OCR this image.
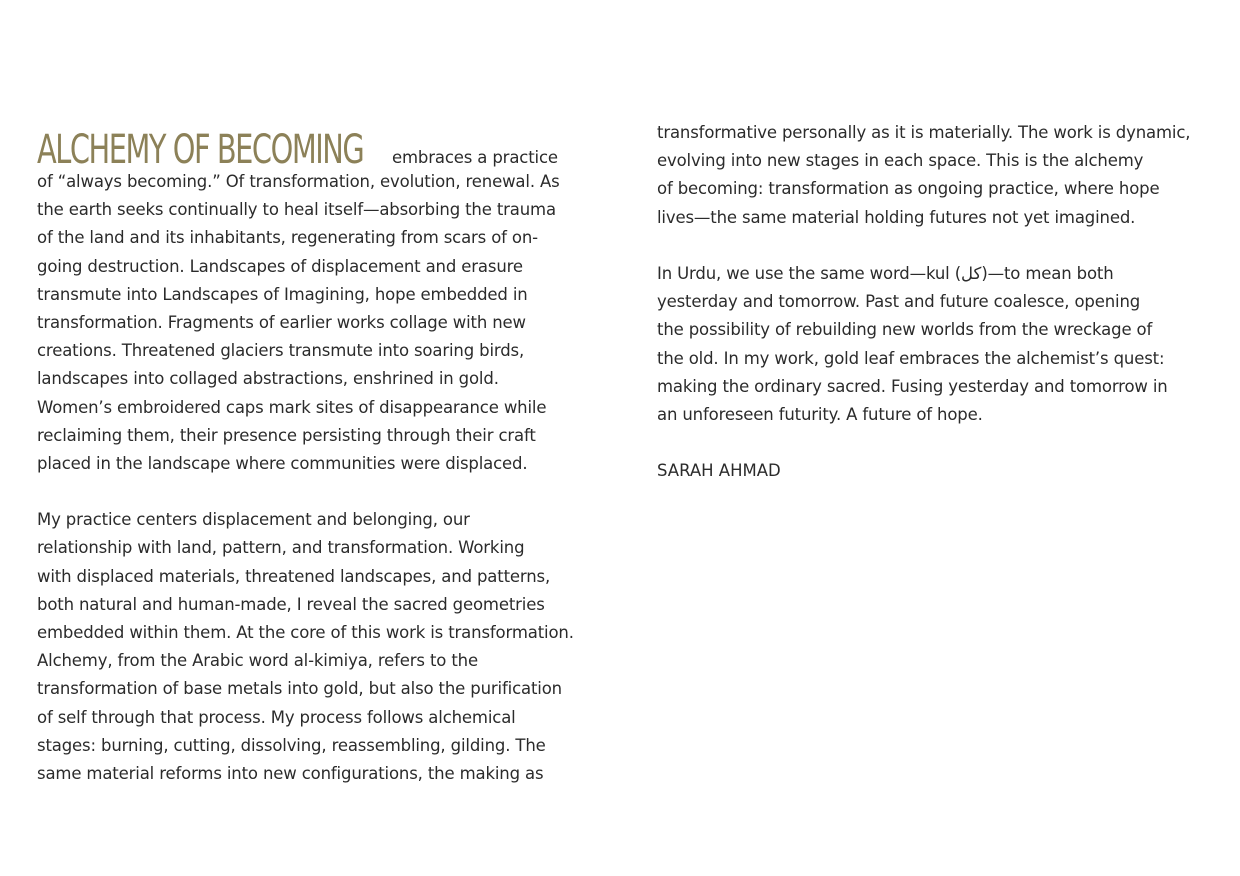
ALCHEMY OF BECOMING embraces a practice
of “always becoming.” Of transformation, evolution, renewal. As
the earth seeks continually to heal itself—absorbing the trauma
of the land and its inhabitants, regenerating from scars of on-
going destruction. Landscapes of displacement and erasure
transmute into Landscapes of Imagining, hope embedded in
transformation. Fragments of earlier works collage with new
creations. Threatened glaciers transmute into soaring birds,
landscapes into collaged abstractions, enshrined in gold.
Women’s embroidered caps mark sites of disappearance while
reclaiming them, their presence persisting through their craft
placed in the landscape where communities were displaced.
My practice centers displacement and belonging, our
relationship with land, pattern, and transformation. Working
with displaced materials, threatened landscapes, and patterns,
both natural and human-made, I reveal the sacred geometries
embedded within them. At the core of this work is transformation.
Alchemy, from the Arabic word al-kimiya, refers to the
transformation of base metals into gold, but also the purification
of self through that process. My process follows alchemical
stages: burning, cutting, dissolving, reassembling, gilding. The
same material reforms into new configurations, the making as
transformative personally as it is materially. The work is dynamic,
evolving into new stages in each space. This is the alchemy
of becoming: transformation as ongoing practice, where hope
lives—the same material holding futures not yet imagined.
In Urdu, we use the same word—kul (کل)—to mean both
yesterday and tomorrow. Past and future coalesce, opening
the possibility of rebuilding new worlds from the wreckage of
the old. In my work, gold leaf embraces the alchemist’s quest:
making the ordinary sacred. Fusing yesterday and tomorrow in
an unforeseen futurity. A future of hope.
SARAH AHMAD
